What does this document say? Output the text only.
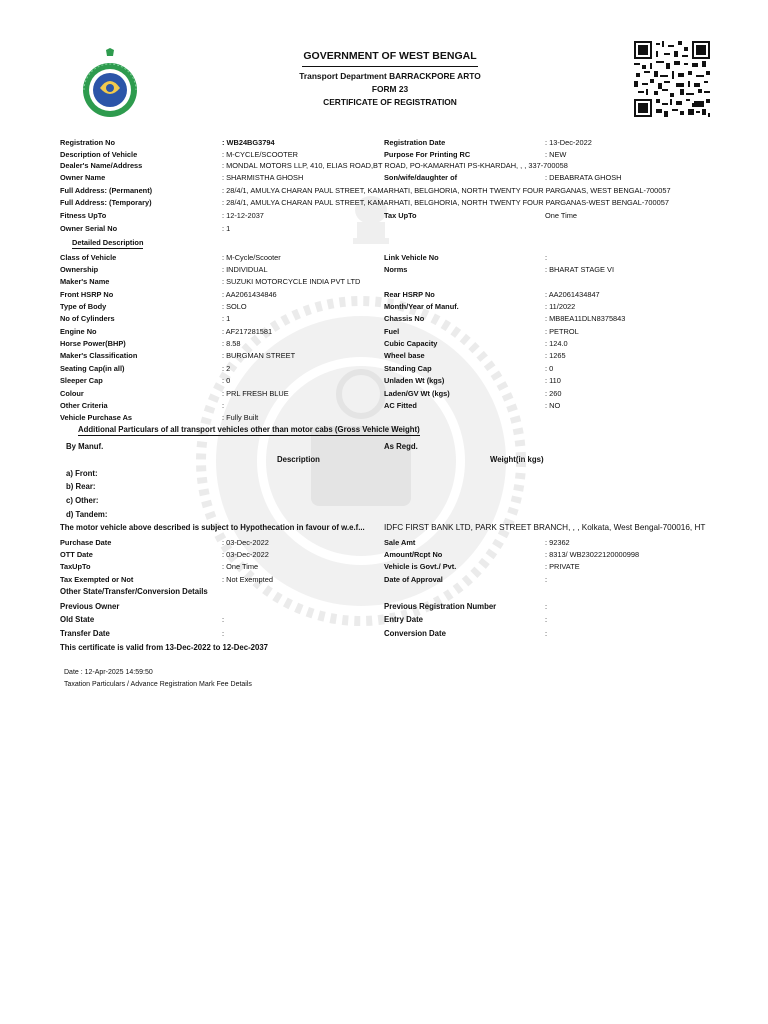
GOVERNMENT OF WEST BENGAL
Transport Department BARRACKPORE ARTO
FORM 23
CERTIFICATE OF REGISTRATION
Registration No	: WB24BG3794	Registration Date	: 13-Dec-2022
Description of Vehicle	: M-CYCLE/SCOOTER	Purpose For Printing RC	: NEW
Dealer's Name/Address	: MONDAL MOTORS LLP, 410, ELIAS ROAD,BT ROAD, PO-KAMARHATI PS-KHARDAH, , , 337-700058
Owner Name	: SHARMISTHA GHOSH	Son/wife/daughter of	: DEBABRATA GHOSH
Full Address: (Permanent)	: 28/4/1, AMULYA CHARAN PAUL STREET, KAMARHATI, BELGHORIA, NORTH TWENTY FOUR PARGANAS, WEST BENGAL-700057
Full Address: (Temporary)	: 28/4/1, AMULYA CHARAN PAUL STREET, KAMARHATI, BELGHORIA, NORTH TWENTY FOUR PARGANAS-WEST BENGAL-700057
Fitness UpTo	: 12-12-2037	Tax UpTo	One Time
Owner Serial No	: 1
Detailed Description
Class of Vehicle	: M-Cycle/Scooter	Link Vehicle No	:
Ownership	: INDIVIDUAL	Norms	: BHARAT STAGE VI
Maker's Name	: SUZUKI MOTORCYCLE INDIA PVT LTD
Front HSRP No	: AA2061434846	Rear HSRP No	: AA2061434847
Type of Body	: SOLO	Month/Year of Manuf.	: 11/2022
No of Cylinders	: 1	Chassis No	: MB8EA11DLN8375843
Engine No	: AF217281581	Fuel	: PETROL
Horse Power(BHP)	: 8.58	Cubic Capacity	: 124.0
Maker's Classification	: BURGMAN STREET	Wheel base	: 1265
Seating Cap(in all)	: 2	Standing Cap	: 0
Sleeper Cap	: 0	Unladen Wt (kgs)	: 110
Colour	: PRL FRESH BLUE	Laden/GV Wt (kgs)	: 260
Other Criteria	:	AC Fitted	: NO
Vehicle Purchase As	: Fully Built
Additional Particulars of all transport vehicles other than motor cabs (Gross Vehicle Weight)
By Manuf.	As Regd.
Description	Weight(in kgs)
a) Front:
b) Rear:
c) Other:
d) Tandem:
The motor vehicle above described is subject to Hypothecation in favour of w.e.f... IDFC FIRST BANK LTD, PARK STREET BRANCH, , , Kolkata, West Bengal-700016, HT
Purchase Date	: 03-Dec-2022	Sale Amt	: 92362
OTT Date	: 03-Dec-2022	Amount/Rcpt No	: 8313/ WB23022120000998
TaxUpTo	: One Time	Vehicle is Govt./ Pvt.	: PRIVATE
Tax Exempted or Not	: Not Exempted	Date of Approval	:
Other State/Transfer/Conversion Details
Previous Owner	Previous Registration Number	:
Old State	:	Entry Date	:
Transfer Date	:	Conversion Date	:
This certificate is valid from 13-Dec-2022 to 12-Dec-2037
Date : 12-Apr-2025 14:59:50
Taxation Particulars / Advance Registration Mark Fee Details
